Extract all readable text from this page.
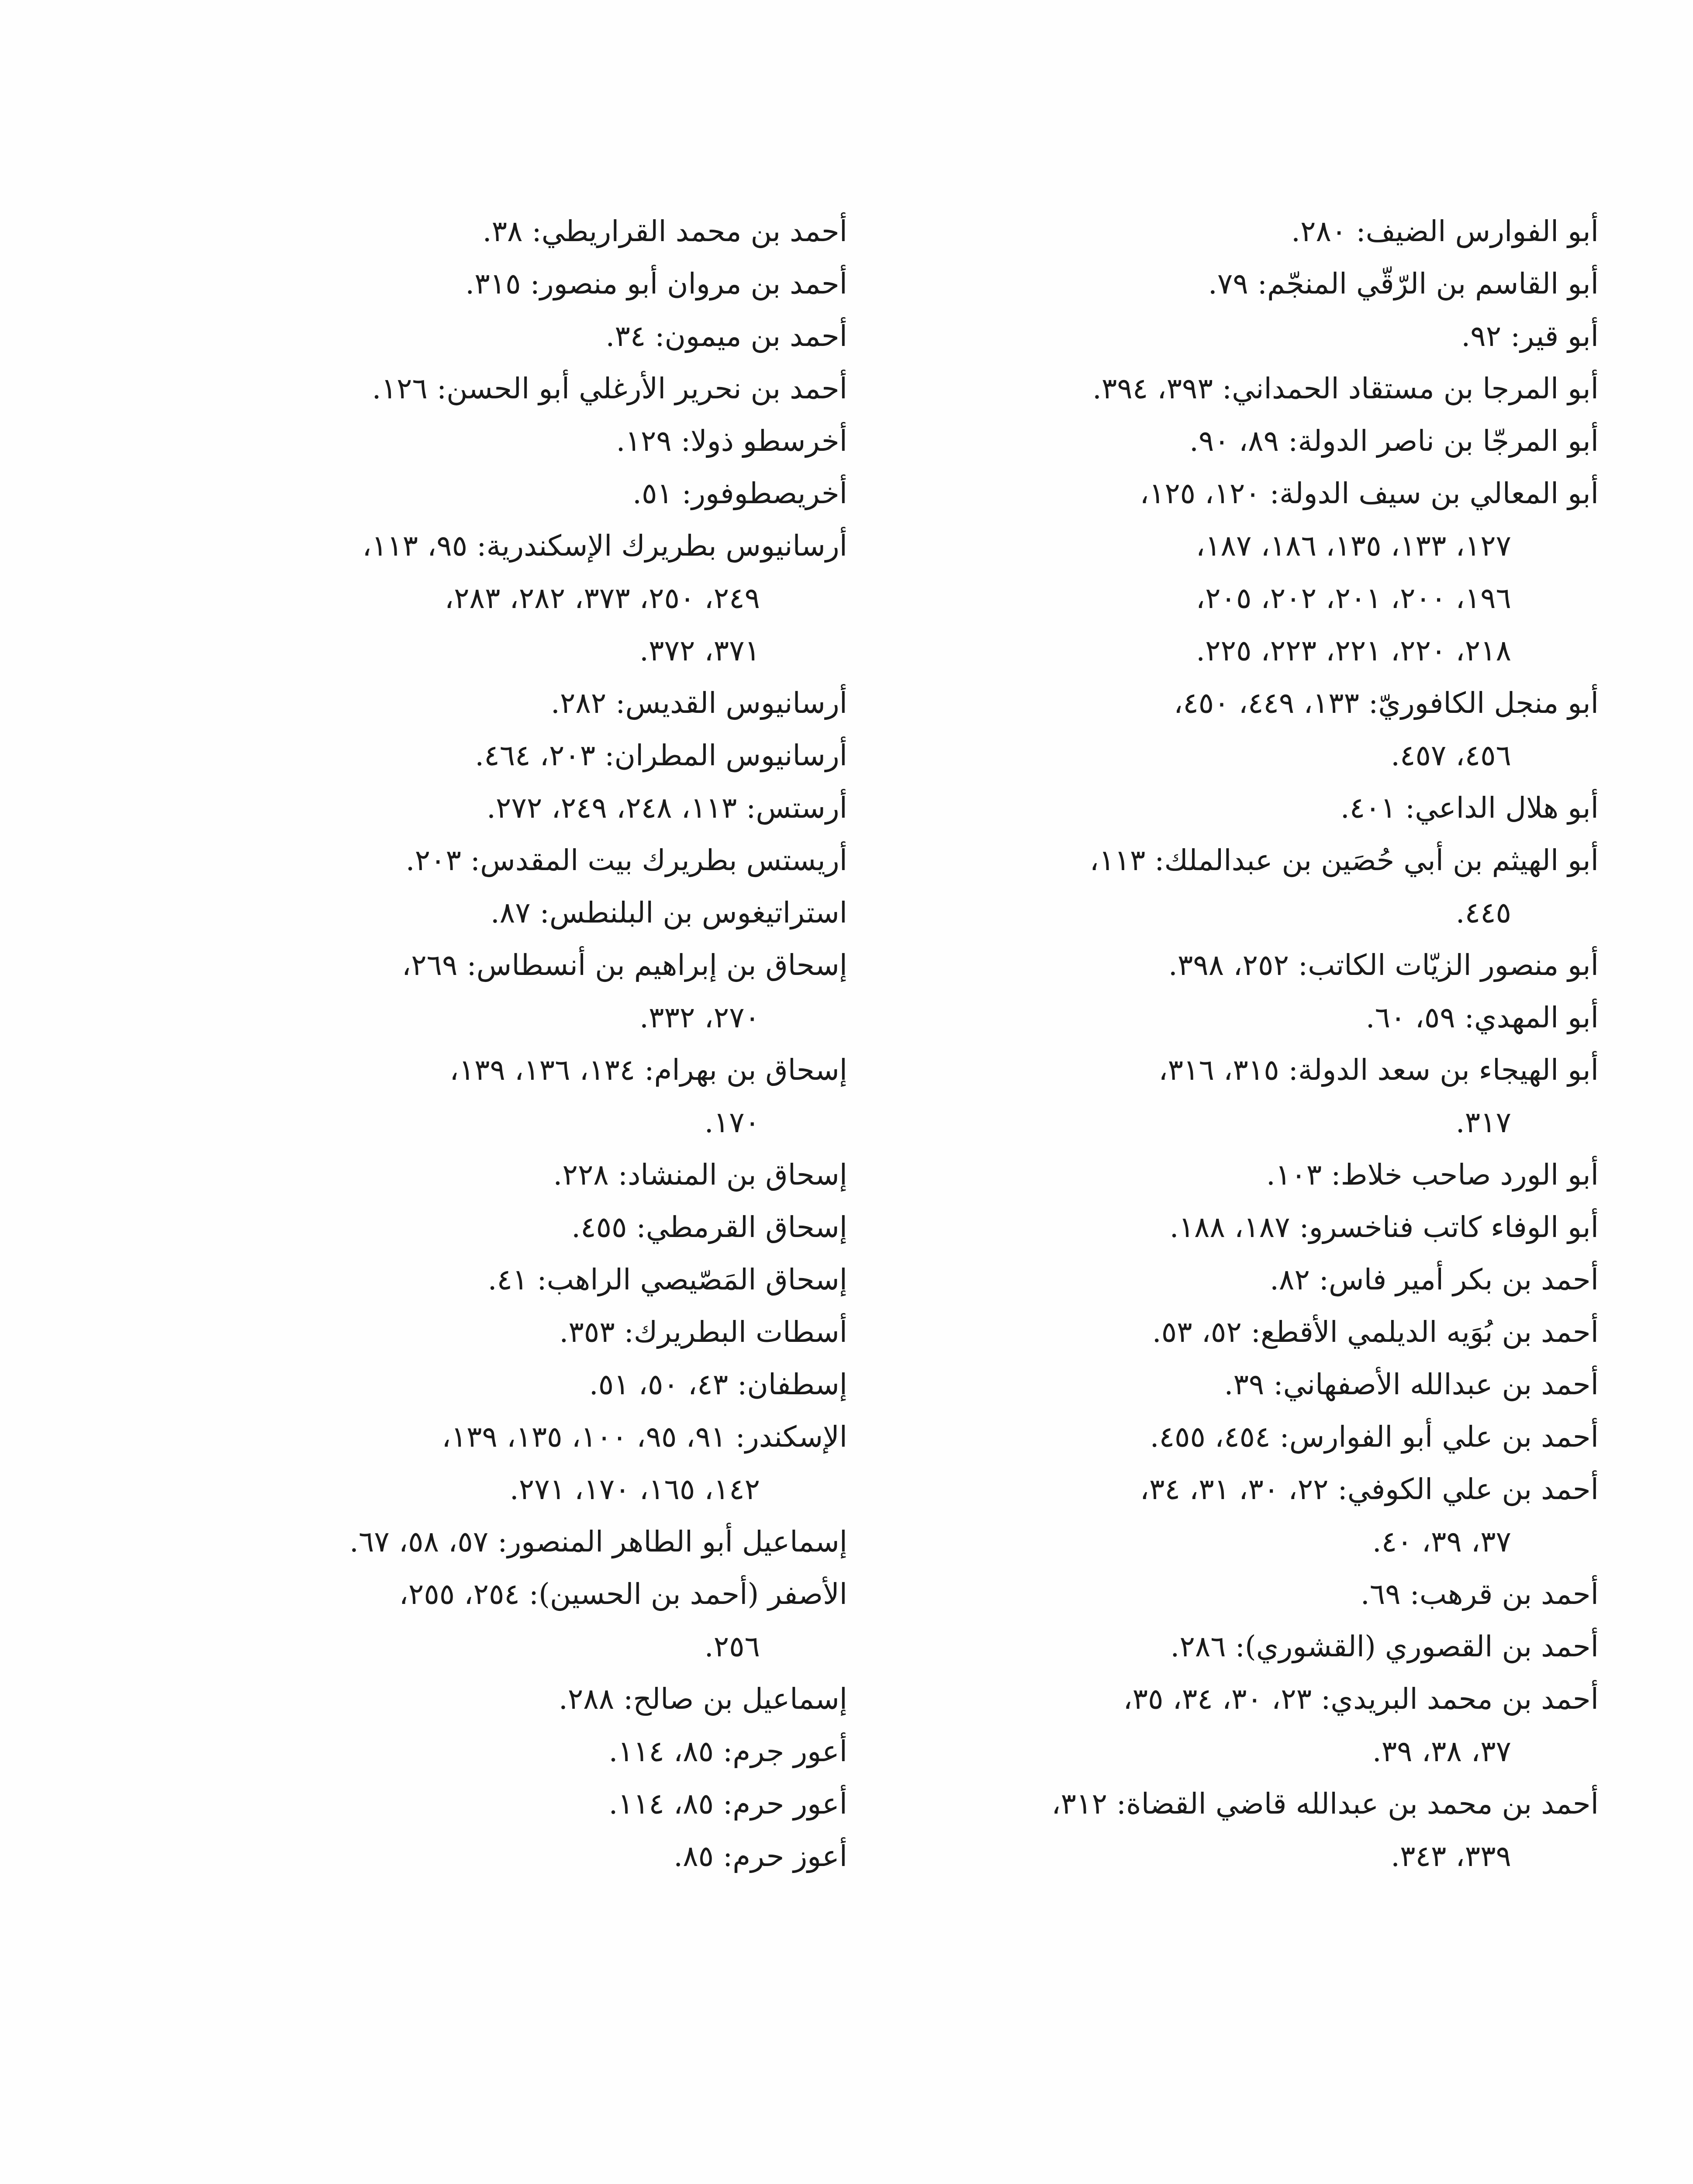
أبو الفوارس الضيف: ٢٨٠.
أبو القاسم بن الرّقّي المنجّم: ٧٩.
أبو قير: ٩٢.
أبو المرجا بن مستقاد الحمداني: ٣٩٣، ٣٩٤.
أبو المرجّا بن ناصر الدولة: ٨٩، ٩٠.
أبو المعالي بن سيف الدولة: ١٢٠، ١٢٥،
١٢٧، ١٣٣، ١٣٥، ١٨٦، ١٨٧،
١٩٦، ٢٠٠، ٢٠١، ٢٠٢، ٢٠٥،
٢١٨، ٢٢٠، ٢٢١، ٢٢٣، ٢٢٥.
أبو منجل الكافوريّ: ١٣٣، ٤٤٩، ٤٥٠،
٤٥٦، ٤٥٧.
أبو هلال الداعي: ٤٠١.
أبو الهيثم بن أبي حُصَين بن عبدالملك: ١١٣،
٤٤٥.
أبو منصور الزيّات الكاتب: ٢٥٢، ٣٩٨.
أبو المهدي: ٥٩، ٦٠.
أبو الهيجاء بن سعد الدولة: ٣١٥، ٣١٦،
٣١٧.
أبو الورد صاحب خلاط: ١٠٣.
أبو الوفاء كاتب فناخسرو: ١٨٧، ١٨٨.
أحمد بن بكر أمير فاس: ٨٢.
أحمد بن بُوَيه الديلمي الأقطع: ٥٢، ٥٣.
أحمد بن عبدالله الأصفهاني: ٣٩.
أحمد بن علي أبو الفوارس: ٤٥٤، ٤٥٥.
أحمد بن علي الكوفي: ٢٢، ٣٠، ٣١، ٣٤،
٣٧، ٣٩، ٤٠.
أحمد بن قرهب: ٦٩.
أحمد بن القصوري (القشوري): ٢٨٦.
أحمد بن محمد البريدي: ٢٣، ٣٠، ٣٤، ٣٥،
٣٧، ٣٨، ٣٩.
أحمد بن محمد بن عبدالله قاضي القضاة: ٣١٢،
٣٣٩، ٣٤٣.
أحمد بن محمد القراريطي: ٣٨.
أحمد بن مروان أبو منصور: ٣١٥.
أحمد بن ميمون: ٣٤.
أحمد بن نحرير الأرغلي أبو الحسن: ١٢٦.
أخرسطو ذولا: ١٢٩.
أخريصطوفور: ٥١.
أرسانيوس بطريرك الإسكندرية: ٩٥، ١١٣،
٢٤٩، ٢٥٠، ٣٧٣، ٢٨٢، ٢٨٣،
٣٧١، ٣٧٢.
أرسانيوس القديس: ٢٨٢.
أرسانيوس المطران: ٢٠٣، ٤٦٤.
أرستس: ١١٣، ٢٤٨، ٢٤٩، ٢٧٢.
أريستس بطريرك بيت المقدس: ٢٠٣.
استراتيغوس بن البلنطس: ٨٧.
إسحاق بن إبراهيم بن أنسطاس: ٢٦٩،
٢٧٠، ٣٣٢.
إسحاق بن بهرام: ١٣٤، ١٣٦، ١٣٩،
١٧٠.
إسحاق بن المنشاد: ٢٢٨.
إسحاق القرمطي: ٤٥٥.
إسحاق المَصّيصي الراهب: ٤١.
أسطات البطريرك: ٣٥٣.
إسطفان: ٤٣، ٥٠، ٥١.
الإسكندر: ٩١، ٩٥، ١٠٠، ١٣٥، ١٣٩،
١٤٢، ١٦٥، ١٧٠، ٢٧١.
إسماعيل أبو الطاهر المنصور: ٥٧، ٥٨، ٦٧.
الأصفر (أحمد بن الحسين): ٢٥٤، ٢٥٥،
٢٥٦.
إسماعيل بن صالح: ٢٨٨.
أعور جرم: ٨٥، ١١٤.
أعور حرم: ٨٥، ١١٤.
أعوز حرم: ٨٥.
